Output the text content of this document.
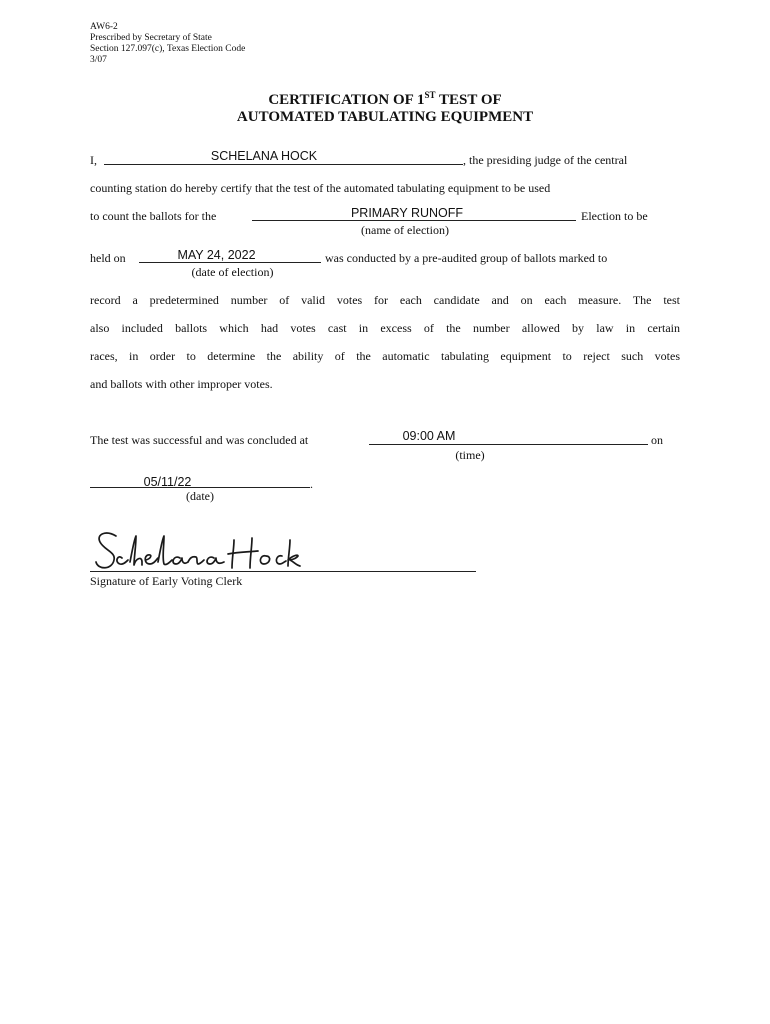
AW6-2
Prescribed by Secretary of State
Section 127.097(c), Texas Election Code
3/07
CERTIFICATION OF 1ST TEST OF
AUTOMATED TABULATING EQUIPMENT
I,	SCHELANA HOCK	, the presiding judge of the central
counting station do hereby certify that the test of the automated tabulating equipment to be used
to count the ballots for the	PRIMARY RUNOFF	Election to be
(name of election)
held on	MAY 24, 2022	was conducted by a pre-audited group of ballots marked to
(date of election)
record a predetermined number of valid votes for each candidate and on each measure. The test
also included ballots which had votes cast in excess of the number allowed by law in certain
races, in order to determine the ability of the automatic tabulating equipment to reject such votes
and ballots with other improper votes.
The test was successful and was concluded at	09:00 AM	on
(time)
05/11/22	.
(date)
Signature of Early Voting Clerk
